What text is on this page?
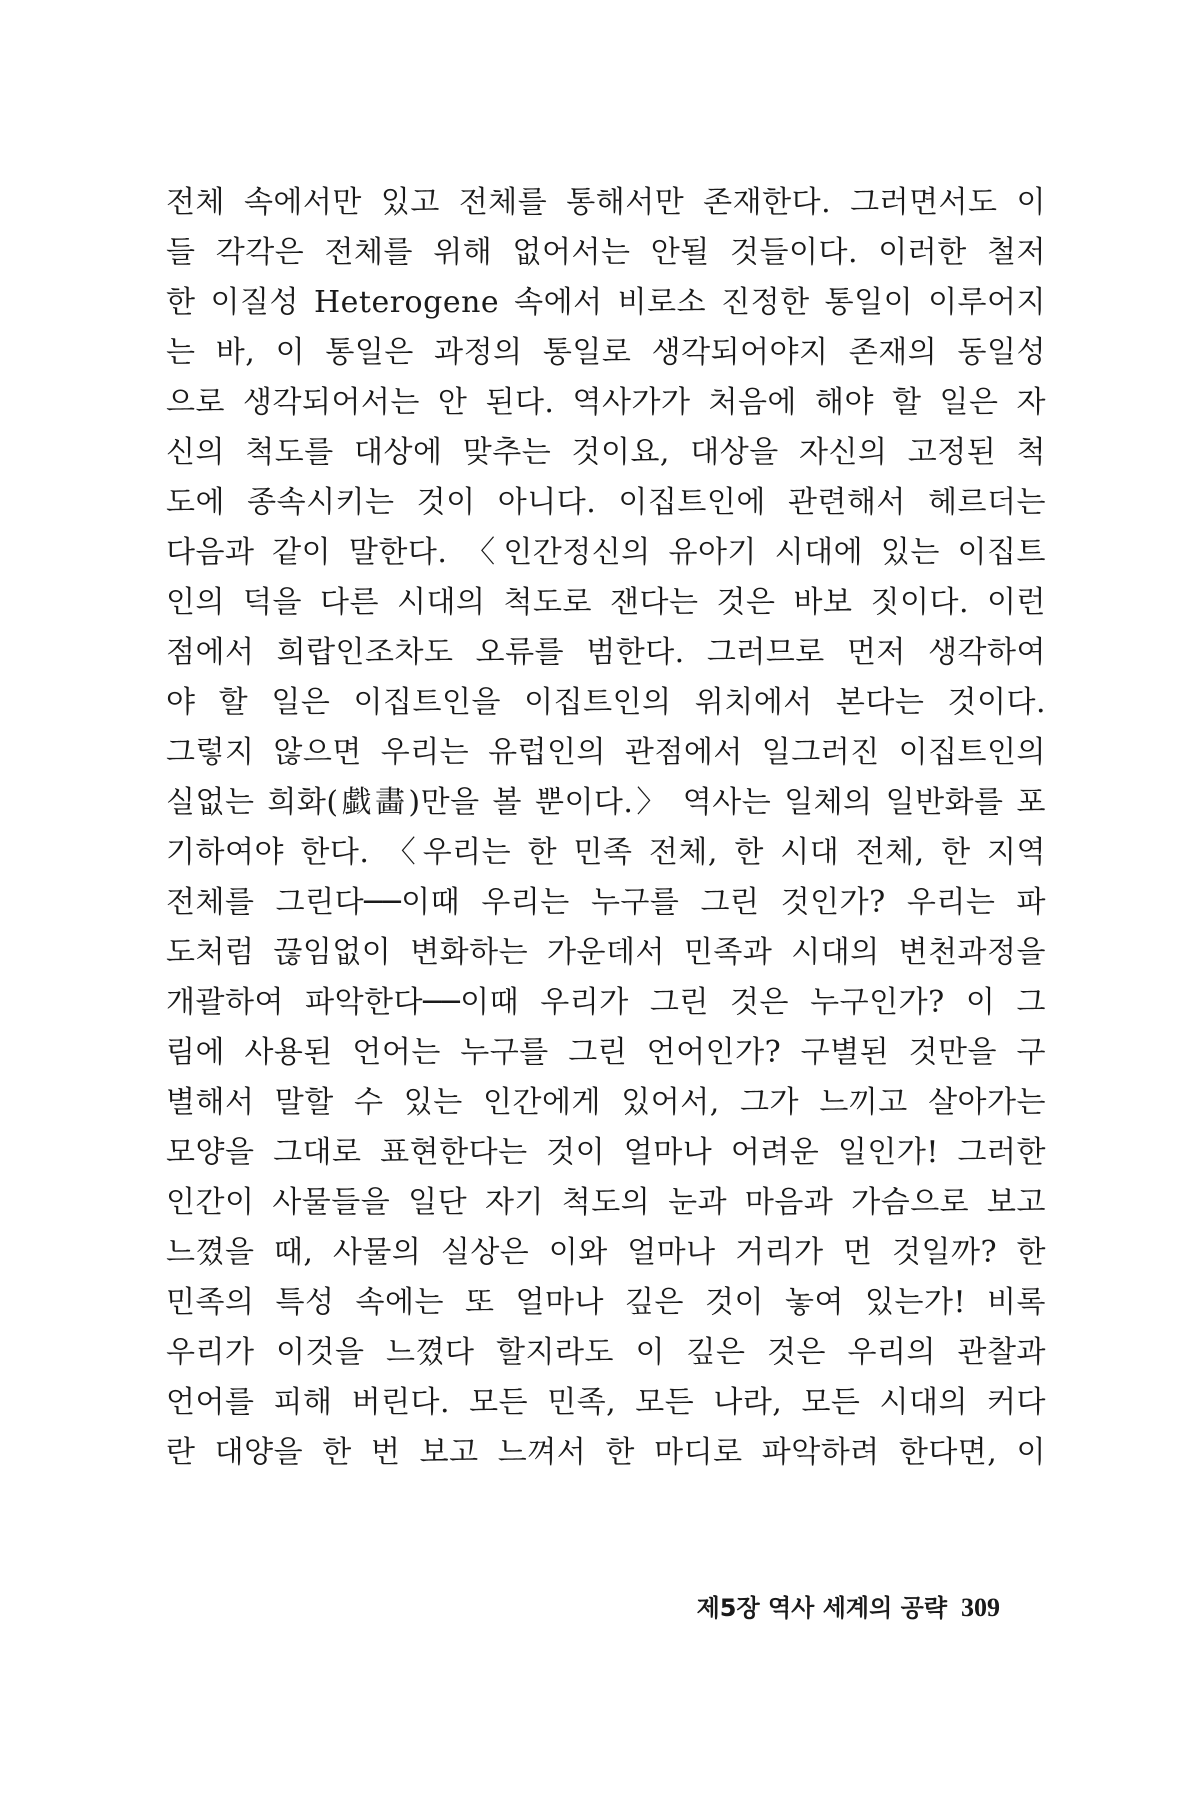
전체 속에서만 있고 전체를 통해서만 존재한다. 그러면서도 이
들 각각은 전체를 위해 없어서는 안될 것들이다. 이러한 철저
한 이질성 Heterogene 속에서 비로소 진정한 통일이 이루어지
는 바, 이 통일은 과정의 통일로 생각되어야지 존재의 동일성
으로 생각되어서는 안 된다. 역사가가 처음에 해야 할 일은 자
신의 척도를 대상에 맞추는 것이요, 대상을 자신의 고정된 척
도에 종속시키는 것이 아니다. 이집트인에 관련해서 헤르더는
다음과 같이 말한다. 〈인간정신의 유아기 시대에 있는 이집트
인의 덕을 다른 시대의 척도로 잰다는 것은 바보 짓이다. 이런
점에서 희랍인조차도 오류를 범한다. 그러므로 먼저 생각하여
야 할 일은 이집트인을 이집트인의 위치에서 본다는 것이다.
그렇지 않으면 우리는 유럽인의 관점에서 일그러진 이집트인의
실없는 희화(戱畵)만을 볼 뿐이다.〉 역사는 일체의 일반화를 포
기하여야 한다. 〈우리는 한 민족 전체, 한 시대 전체, 한 지역
전체를 그린다──이때 우리는 누구를 그린 것인가? 우리는 파
도처럼 끊임없이 변화하는 가운데서 민족과 시대의 변천과정을
개괄하여 파악한다──이때 우리가 그린 것은 누구인가? 이 그
림에 사용된 언어는 누구를 그린 언어인가? 구별된 것만을 구
별해서 말할 수 있는 인간에게 있어서, 그가 느끼고 살아가는
모양을 그대로 표현한다는 것이 얼마나 어려운 일인가! 그러한
인간이 사물들을 일단 자기 척도의 눈과 마음과 가슴으로 보고
느꼈을 때, 사물의 실상은 이와 얼마나 거리가 먼 것일까? 한
민족의 특성 속에는 또 얼마나 깊은 것이 놓여 있는가! 비록
우리가 이것을 느꼈다 할지라도 이 깊은 것은 우리의 관찰과
언어를 피해 버린다. 모든 민족, 모든 나라, 모든 시대의 커다
란 대양을 한 번 보고 느껴서 한 마디로 파악하려 한다면, 이
제5장 역사 세계의 공략 309
